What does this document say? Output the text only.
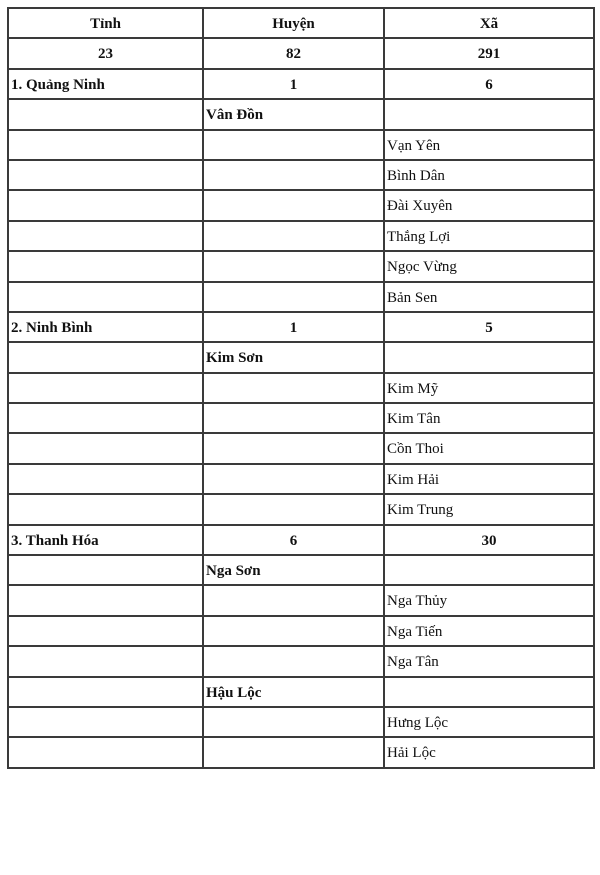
Tỉnh	Huyện	Xã
23	82	291
1. Quảng Ninh	1	6
	Vân Đồn	
		Vạn Yên
		Bình Dân
		Đài Xuyên
		Thắng Lợi
		Ngọc Vừng
		Bản Sen
2. Ninh Bình	1	5
	Kim Sơn	
		Kim Mỹ
		Kim Tân
		Cồn Thoi
		Kim Hải
		Kim Trung
3. Thanh Hóa	6	30
	Nga Sơn	
		Nga Thủy
		Nga Tiến
		Nga Tân
	Hậu Lộc	
		Hưng Lộc
		Hải Lộc
